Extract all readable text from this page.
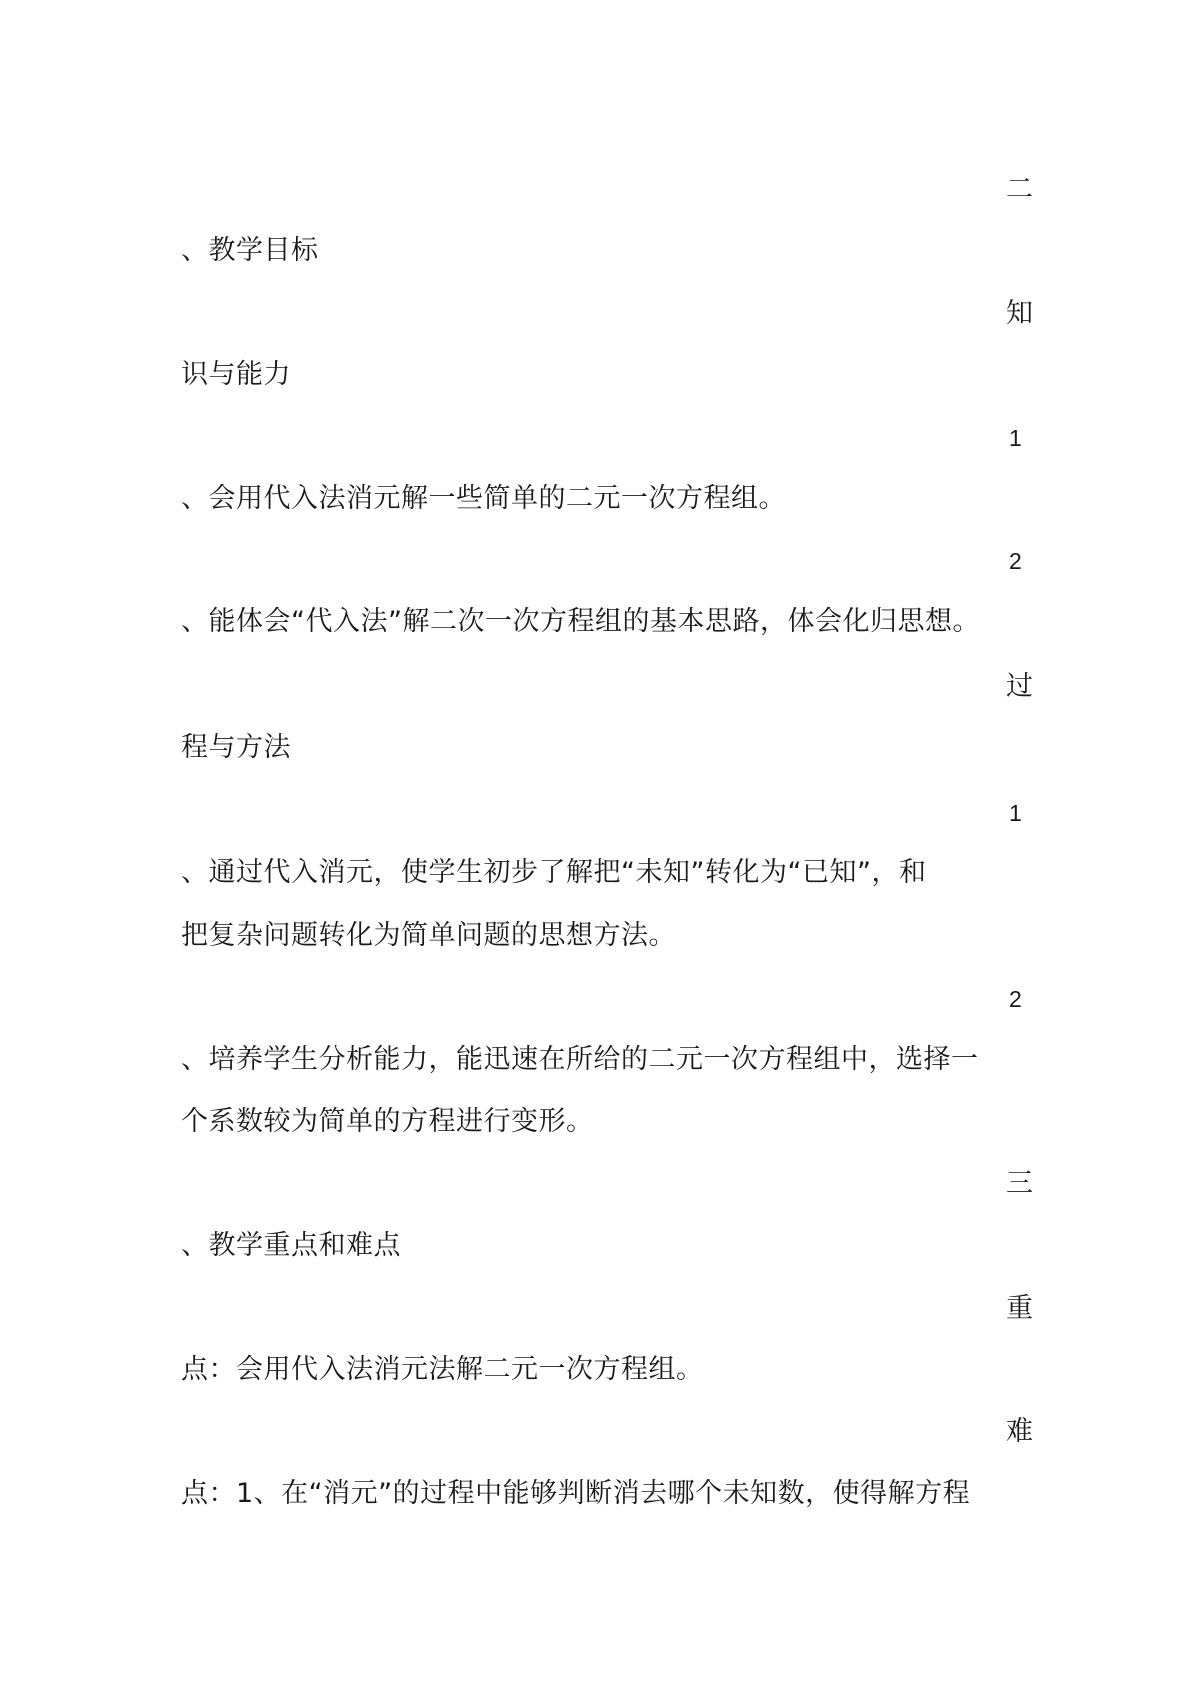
二
、教学目标
知
识与能力
1
、会用代入法消元解一些简单的二元一次方程组。
2
、能体会“代入法”解二次一次方程组的基本思路，体会化归思想。
过
程与方法
1
、通过代入消元，使学生初步了解把“未知”转化为“已知”，和
把复杂问题转化为简单问题的思想方法。
2
、培养学生分析能力，能迅速在所给的二元一次方程组中，选择一
个系数较为简单的方程进行变形。
三
、教学重点和难点
重
点：会用代入法消元法解二元一次方程组。
难
点：1、在“消元”的过程中能够判断消去哪个未知数，使得解方程
